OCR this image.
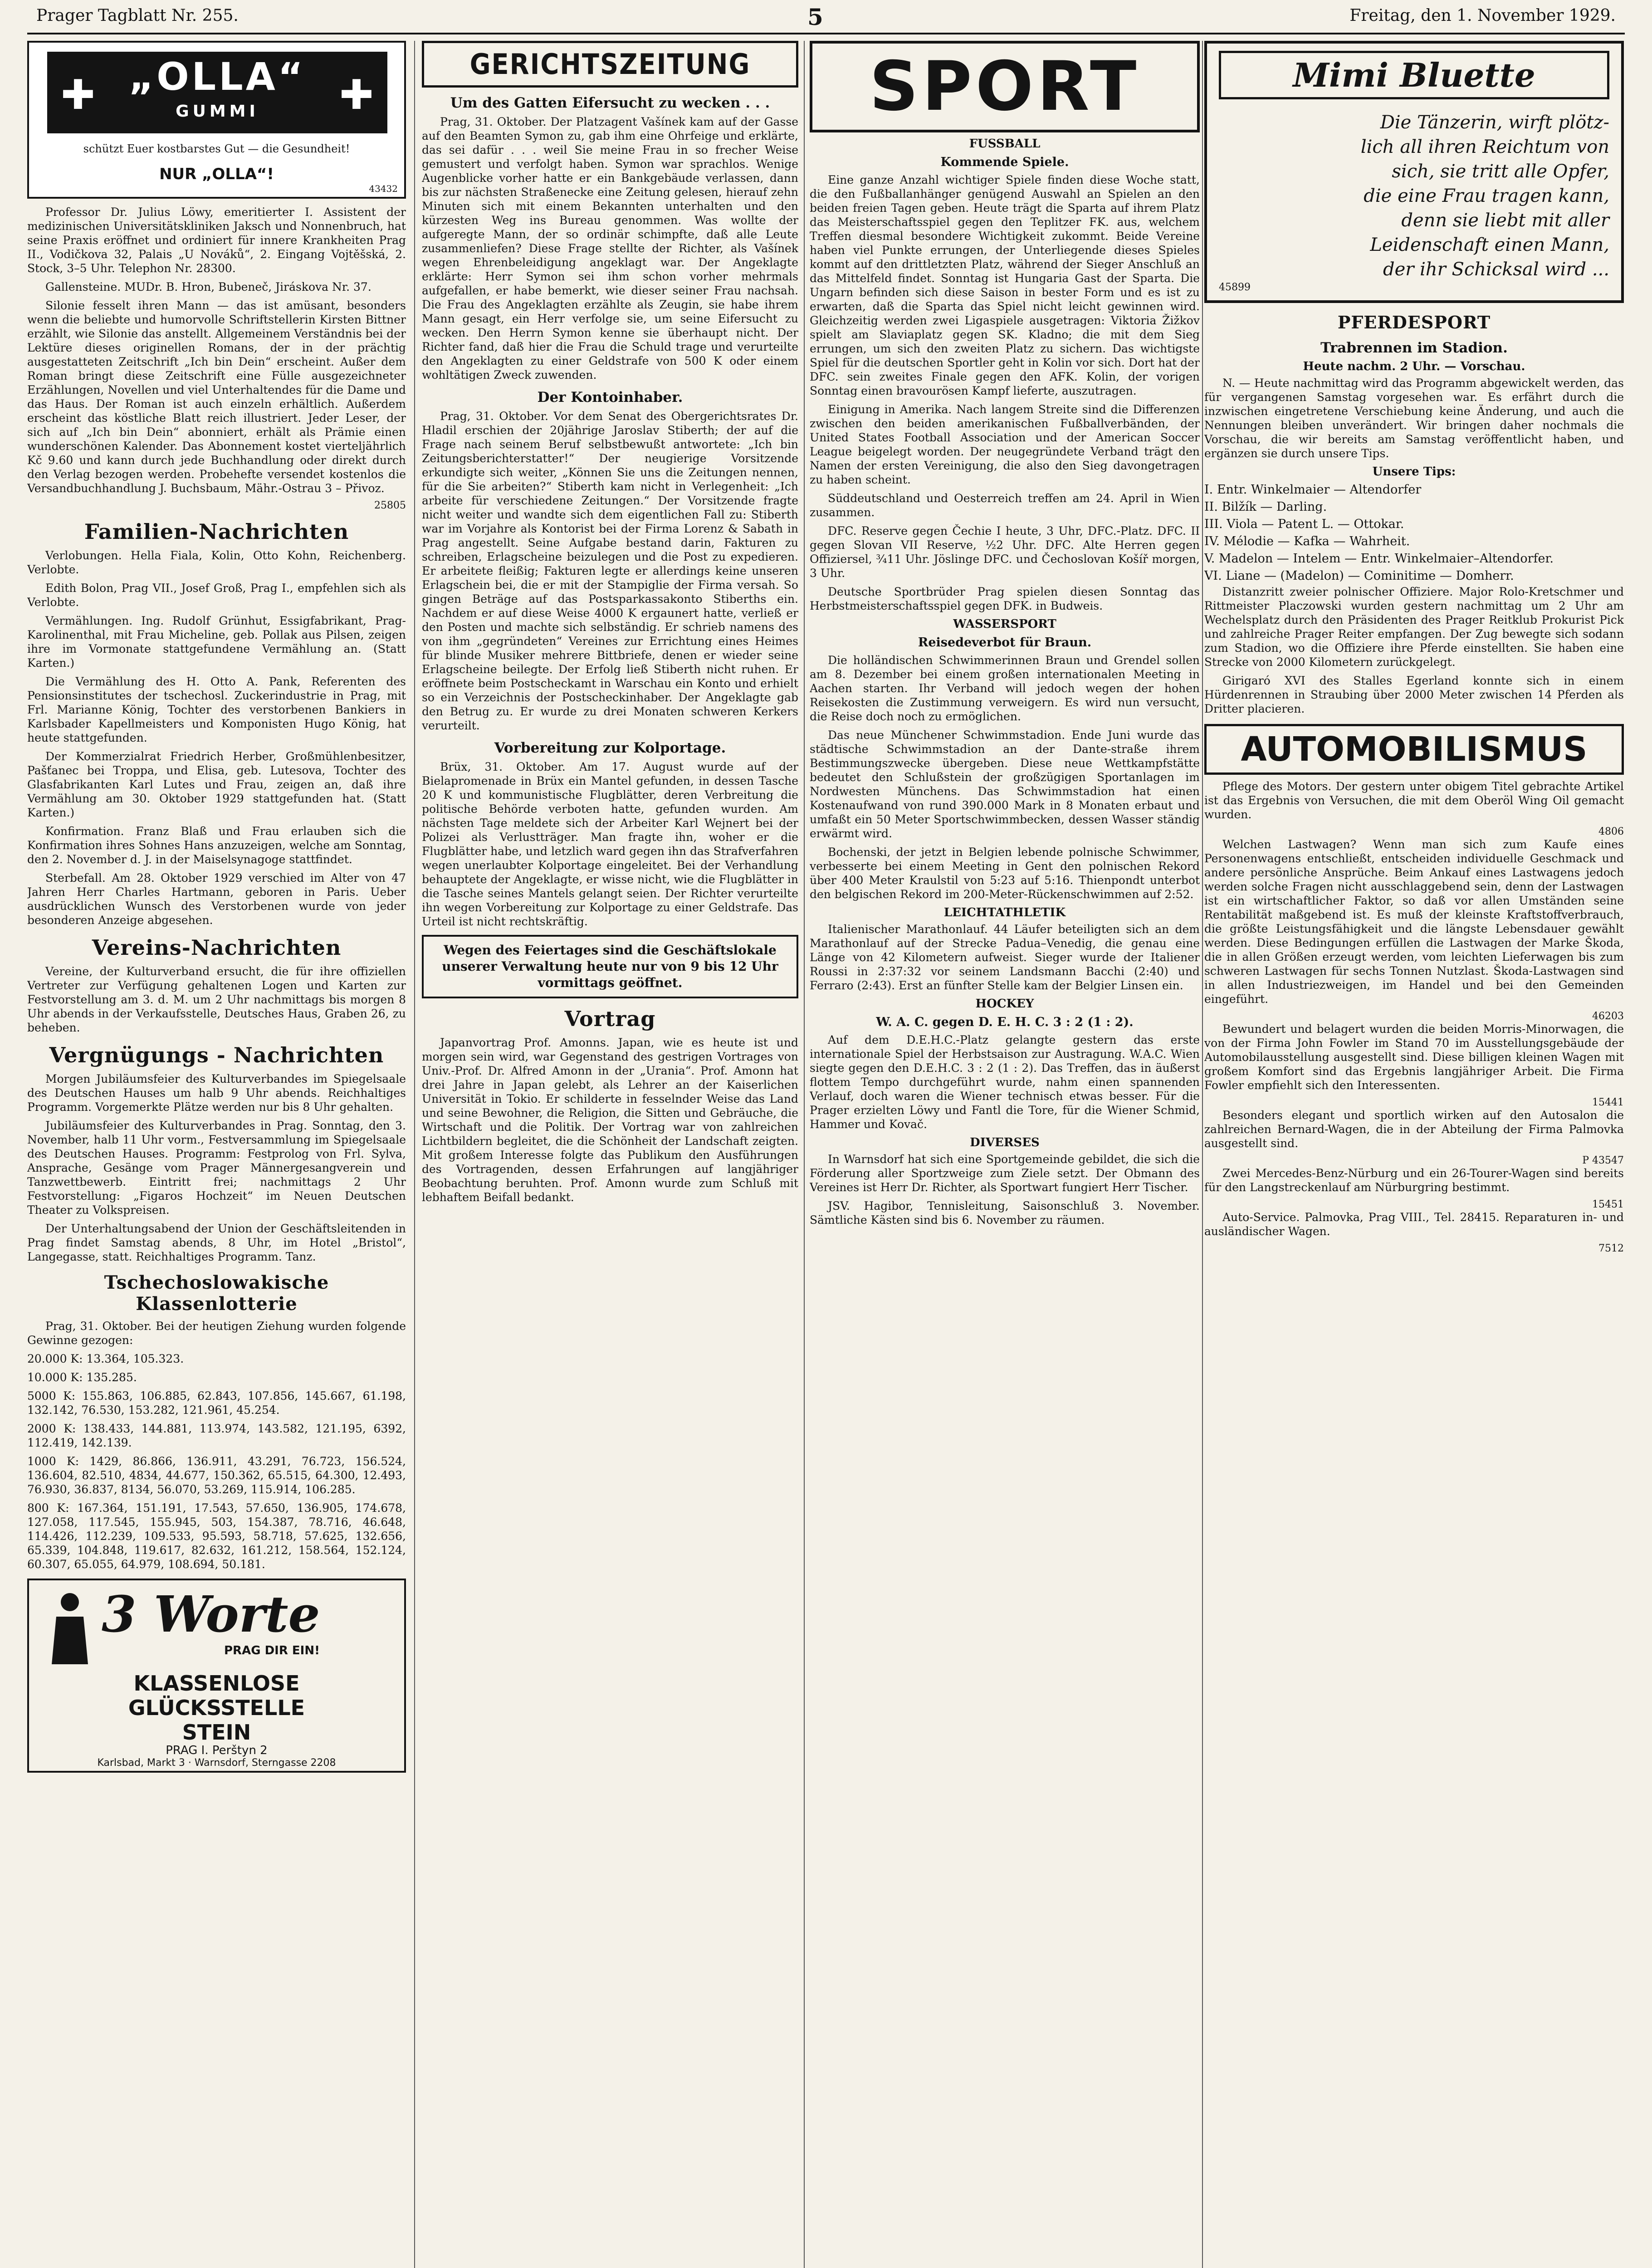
Prager Tagblatt Nr. 255.	5	Freitag, den 1. November 1929.
✚	✚
„OLLA“
GUMMI
schützt Euer kostbarstes Gut — die Gesundheit!
NUR „OLLA“!
43432

Professor Dr. Julius Löwy, emeritierter I. Assistent der medizinischen Universitätskliniken Jaksch und Nonnenbruch, hat seine Praxis eröffnet und ordiniert für innere Krankheiten Prag II., Vodičkova 32, Palais „U Nováků“, 2. Eingang Vojtěšská, 2. Stock, 3–5 Uhr. Telephon Nr. 28300.

Gallensteine. MUDr. B. Hron, Bubeneč, Jiráskova Nr. 37.

Silonie fesselt ihren Mann — das ist amüsant, besonders wenn die beliebte und humorvolle Schriftstellerin Kirsten Bittner erzählt, wie Silonie das anstellt. Allgemeinem Verständnis bei der Lektüre dieses originellen Romans, der in der prächtig ausgestatteten Zeitschrift „Ich bin Dein“ erscheint. Außer dem Roman bringt diese Zeitschrift eine Fülle ausgezeichneter Erzählungen, Novellen und viel Unterhaltendes für die Dame und das Haus. Der Roman ist auch einzeln erhältlich. Außerdem erscheint das köstliche Blatt reich illustriert. Jeder Leser, der sich auf „Ich bin Dein“ abonniert, erhält als Prämie einen wunderschönen Kalender. Das Abonnement kostet vierteljährlich Kč 9.60 und kann durch jede Buchhandlung oder direkt durch den Verlag bezogen werden. Probehefte versendet kostenlos die Versandbuchhandlung J. Buchsbaum, Mähr.-Ostrau 3 – Přivoz.

25805
Familien-Nachrichten

Verlobungen. Hella Fiala, Kolin, Otto Kohn, Reichenberg. Verlobte.

Edith Bolon, Prag VII., Josef Groß, Prag I., empfehlen sich als Verlobte.

Vermählungen. Ing. Rudolf Grünhut, Essigfabrikant, Prag-Karolinenthal, mit Frau Micheline, geb. Pollak aus Pilsen, zeigen ihre im Vormonate stattgefundene Vermählung an. (Statt Karten.)

Die Vermählung des H. Otto A. Pank, Referenten des Pensionsinstitutes der tschechosl. Zuckerindustrie in Prag, mit Frl. Marianne König, Tochter des verstorbenen Bankiers in Karlsbader Kapellmeisters und Komponisten Hugo König, hat heute stattgefunden.

Der Kommerzialrat Friedrich Herber, Großmühlenbesitzer, Pašťanec bei Troppa, und Elisa, geb. Lutesova, Tochter des Glasfabrikanten Karl Lutes und Frau, zeigen an, daß ihre Vermählung am 30. Oktober 1929 stattgefunden hat. (Statt Karten.)

Konfirmation. Franz Blaß und Frau erlauben sich die Konfirmation ihres Sohnes Hans anzuzeigen, welche am Sonntag, den 2. November d. J. in der Maiselsynagoge stattfindet.

Sterbefall. Am 28. Oktober 1929 verschied im Alter von 47 Jahren Herr Charles Hartmann, geboren in Paris. Ueber ausdrücklichen Wunsch des Verstorbenen wurde von jeder besonderen Anzeige abgesehen.

Vereins-Nachrichten

Vereine, der Kulturverband ersucht, die für ihre offiziellen Vertreter zur Verfügung gehaltenen Logen und Karten zur Festvorstellung am 3. d. M. um 2 Uhr nachmittags bis morgen 8 Uhr abends in der Verkaufsstelle, Deutsches Haus, Graben 26, zu beheben.

Vergnügungs - Nachrichten

Morgen Jubiläumsfeier des Kulturverbandes im Spiegelsaale des Deutschen Hauses um halb 9 Uhr abends. Reichhaltiges Programm. Vorgemerkte Plätze werden nur bis 8 Uhr gehalten.

Jubiläumsfeier des Kulturverbandes in Prag. Sonntag, den 3. November, halb 11 Uhr vorm., Festversammlung im Spiegelsaale des Deutschen Hauses. Programm: Festprolog von Frl. Sylva, Ansprache, Gesänge vom Prager Männergesangverein und Tanzwettbewerb. Eintritt frei; nachmittags 2 Uhr Festvorstellung: „Figaros Hochzeit“ im Neuen Deutschen Theater zu Volkspreisen.

Der Unterhaltungsabend der Union der Geschäftsleitenden in Prag findet Samstag abends, 8 Uhr, im Hotel „Bristol“, Langegasse, statt. Reichhaltiges Programm. Tanz.

Tschechoslowakische Klassenlotterie

Prag, 31. Oktober. Bei der heutigen Ziehung wurden folgende Gewinne gezogen:

20.000 K: 13.364, 105.323.

10.000 K: 135.285.

5000 K: 155.863, 106.885, 62.843, 107.856, 145.667, 61.198, 132.142, 76.530, 153.282, 121.961, 45.254.

2000 K: 138.433, 144.881, 113.974, 143.582, 121.195, 6392, 112.419, 142.139.

1000 K: 1429, 86.866, 136.911, 43.291, 76.723, 156.524, 136.604, 82.510, 4834, 44.677, 150.362, 65.515, 64.300, 12.493, 76.930, 36.837, 8134, 56.070, 53.269, 115.914, 106.285.

800 K: 167.364, 151.191, 17.543, 57.650, 136.905, 174.678, 127.058, 117.545, 155.945, 503, 154.387, 78.716, 46.648, 114.426, 112.239, 109.533, 95.593, 58.718, 57.625, 132.656, 65.339, 104.848, 119.617, 82.632, 161.212, 158.564, 152.124, 60.307, 65.055, 64.979, 108.694, 50.181.

3 Worte
PRAG DIR EIN!
KLASSENLOSE
GLÜCKSSTELLE
STEIN
PRAG I. Perštyn 2
Karlsbad, Markt 3 · Warnsdorf, Sterngasse 2208
GERICHTSZEITUNG
Um des Gatten Eifersucht zu wecken . . .

Prag, 31. Oktober. Der Platzagent Vašínek kam auf der Gasse auf den Beamten Symon zu, gab ihm eine Ohrfeige und erklärte, das sei dafür . . . weil Sie meine Frau in so frecher Weise gemustert und verfolgt haben. Symon war sprachlos. Wenige Augenblicke vorher hatte er ein Bankgebäude verlassen, dann bis zur nächsten Straßenecke eine Zeitung gelesen, hierauf zehn Minuten sich mit einem Bekannten unterhalten und den kürzesten Weg ins Bureau genommen. Was wollte der aufgeregte Mann, der so ordinär schimpfte, daß alle Leute zusammenliefen? Diese Frage stellte der Richter, als Vašínek wegen Ehrenbeleidigung angeklagt war. Der Angeklagte erklärte: Herr Symon sei ihm schon vorher mehrmals aufgefallen, er habe bemerkt, wie dieser seiner Frau nachsah. Die Frau des Angeklagten erzählte als Zeugin, sie habe ihrem Mann gesagt, ein Herr verfolge sie, um seine Eifersucht zu wecken. Den Herrn Symon kenne sie überhaupt nicht. Der Richter fand, daß hier die Frau die Schuld trage und verurteilte den Angeklagten zu einer Geldstrafe von 500 K oder einem wohltätigen Zweck zuwenden.

Der Kontoinhaber.

Prag, 31. Oktober. Vor dem Senat des Obergerichtsrates Dr. Hladil erschien der 20jährige Jaroslav Stiberth; der auf die Frage nach seinem Beruf selbstbewußt antwortete: „Ich bin Zeitungsberichterstatter!“ Der neugierige Vorsitzende erkundigte sich weiter, „Können Sie uns die Zeitungen nennen, für die Sie arbeiten?“ Stiberth kam nicht in Verlegenheit: „Ich arbeite für verschiedene Zeitungen.“ Der Vorsitzende fragte nicht weiter und wandte sich dem eigentlichen Fall zu: Stiberth war im Vorjahre als Kontorist bei der Firma Lorenz & Sabath in Prag angestellt. Seine Aufgabe bestand darin, Fakturen zu schreiben, Erlagscheine beizulegen und die Post zu expedieren. Er arbeitete fleißig; Fakturen legte er allerdings keine unseren Erlagschein bei, die er mit der Stampiglie der Firma versah. So gingen Beträge auf das Postsparkassakonto Stiberths ein. Nachdem er auf diese Weise 4000 K ergaunert hatte, verließ er den Posten und machte sich selbständig. Er schrieb namens des von ihm „gegründeten“ Vereines zur Errichtung eines Heimes für blinde Musiker mehrere Bittbriefe, denen er wieder seine Erlagscheine beilegte. Der Erfolg ließ Stiberth nicht ruhen. Er eröffnete beim Postscheckamt in Warschau ein Konto und erhielt so ein Verzeichnis der Postscheckinhaber. Der Angeklagte gab den Betrug zu. Er wurde zu drei Monaten schweren Kerkers verurteilt.

Vorbereitung zur Kolportage.

Brüx, 31. Oktober. Am 17. August wurde auf der Bielapromenade in Brüx ein Mantel gefunden, in dessen Tasche 20 K und kommunistische Flugblätter, deren Verbreitung die politische Behörde verboten hatte, gefunden wurden. Am nächsten Tage meldete sich der Arbeiter Karl Wejnert bei der Polizei als Verlustträger. Man fragte ihn, woher er die Flugblätter habe, und letzlich ward gegen ihn das Strafverfahren wegen unerlaubter Kolportage eingeleitet. Bei der Verhandlung behauptete der Angeklagte, er wisse nicht, wie die Flugblätter in die Tasche seines Mantels gelangt seien. Der Richter verurteilte ihn wegen Vorbereitung zur Kolportage zu einer Geldstrafe. Das Urteil ist nicht rechtskräftig.

Wegen des Feiertages sind die Geschäftslokale unserer Verwaltung heute nur von 9 bis 12 Uhr vormittags geöffnet.
Vortrag

Japanvortrag Prof. Amonns. Japan, wie es heute ist und morgen sein wird, war Gegenstand des gestrigen Vortrages von Univ.-Prof. Dr. Alfred Amonn in der „Urania“. Prof. Amonn hat drei Jahre in Japan gelebt, als Lehrer an der Kaiserlichen Universität in Tokio. Er schilderte in fesselnder Weise das Land und seine Bewohner, die Religion, die Sitten und Gebräuche, die Wirtschaft und die Politik. Der Vortrag war von zahlreichen Lichtbildern begleitet, die die Schönheit der Landschaft zeigten. Mit großem Interesse folgte das Publikum den Ausführungen des Vortragenden, dessen Erfahrungen auf langjähriger Beobachtung beruhten. Prof. Amonn wurde zum Schluß mit lebhaftem Beifall bedankt.

SPORT
FUSSBALL
Kommende Spiele.

Eine ganze Anzahl wichtiger Spiele finden diese Woche statt, die den Fußballanhänger genügend Auswahl an Spielen an den beiden freien Tagen geben. Heute trägt die Sparta auf ihrem Platz das Meisterschaftsspiel gegen den Teplitzer FK. aus, welchem Treffen diesmal besondere Wichtigkeit zukommt. Beide Vereine haben viel Punkte errungen, der Unterliegende dieses Spieles kommt auf den drittletzten Platz, während der Sieger Anschluß an das Mittelfeld findet. Sonntag ist Hungaria Gast der Sparta. Die Ungarn befinden sich diese Saison in bester Form und es ist zu erwarten, daß die Sparta das Spiel nicht leicht gewinnen wird. Gleichzeitig werden zwei Ligaspiele ausgetragen: Viktoria Žižkov spielt am Slaviaplatz gegen SK. Kladno; die mit dem Sieg errungen, um sich den zweiten Platz zu sichern. Das wichtigste Spiel für die deutschen Sportler geht in Kolin vor sich. Dort hat der DFC. sein zweites Finale gegen den AFK. Kolin, der vorigen Sonntag einen bravourösen Kampf lieferte, auszutragen.

Einigung in Amerika. Nach langem Streite sind die Differenzen zwischen den beiden amerikanischen Fußballverbänden, der United States Football Association und der American Soccer League beigelegt worden. Der neugegründete Verband trägt den Namen der ersten Vereinigung, die also den Sieg davongetragen zu haben scheint.

Süddeutschland und Oesterreich treffen am 24. April in Wien zusammen.

DFC. Reserve gegen Čechie I heute, 3 Uhr, DFC.-Platz. DFC. II gegen Slovan VII Reserve, ½2 Uhr. DFC. Alte Herren gegen Offiziersel, ¾11 Uhr. Jöslinge DFC. und Čechoslovan Košíř morgen, 3 Uhr.

Deutsche Sportbrüder Prag spielen diesen Sonntag das Herbstmeisterschaftsspiel gegen DFK. in Budweis.

WASSERSPORT
Reisedeverbot für Braun.

Die holländischen Schwimmerinnen Braun und Grendel sollen am 8. Dezember bei einem großen internationalen Meeting in Aachen starten. Ihr Verband will jedoch wegen der hohen Reisekosten die Zustimmung verweigern. Es wird nun versucht, die Reise doch noch zu ermöglichen.

Das neue Münchener Schwimmstadion. Ende Juni wurde das städtische Schwimmstadion an der Dante-straße ihrem Bestimmungszwecke übergeben. Diese neue Wettkampfstätte bedeutet den Schlußstein der großzügigen Sportanlagen im Nordwesten Münchens. Das Schwimmstadion hat einen Kostenaufwand von rund 390.000 Mark in 8 Monaten erbaut und umfaßt ein 50 Meter Sportschwimmbecken, dessen Wasser ständig erwärmt wird.

Bochenski, der jetzt in Belgien lebende polnische Schwimmer, verbesserte bei einem Meeting in Gent den polnischen Rekord über 400 Meter Kraulstil von 5:23 auf 5:16. Thienpondt unterbot den belgischen Rekord im 200-Meter-Rückenschwimmen auf 2:52.

LEICHTATHLETIK

Italienischer Marathonlauf. 44 Läufer beteiligten sich an dem Marathonlauf auf der Strecke Padua–Venedig, die genau eine Länge von 42 Kilometern aufweist. Sieger wurde der Italiener Roussi in 2:37:32 vor seinem Landsmann Bacchi (2:40) und Ferraro (2:43). Erst an fünfter Stelle kam der Belgier Linsen ein.

HOCKEY
W. A. C. gegen D. E. H. C. 3 : 2 (1 : 2).

Auf dem D.E.H.C.-Platz gelangte gestern das erste internationale Spiel der Herbstsaison zur Austragung. W.A.C. Wien siegte gegen den D.E.H.C. 3 : 2 (1 : 2). Das Treffen, das in äußerst flottem Tempo durchgeführt wurde, nahm einen spannenden Verlauf, doch waren die Wiener technisch etwas besser. Für die Prager erzielten Löwy und Fantl die Tore, für die Wiener Schmid, Hammer und Kovač.

DIVERSES

In Warnsdorf hat sich eine Sportgemeinde gebildet, die sich die Förderung aller Sportzweige zum Ziele setzt. Der Obmann des Vereines ist Herr Dr. Richter, als Sportwart fungiert Herr Tischer.

JSV. Hagibor, Tennisleitung, Saisonschluß 3. November. Sämtliche Kästen sind bis 6. November zu räumen.

Mimi Bluette
Die Tänzerin, wirft plötz-
lich all ihren Reichtum von
sich, sie tritt alle Opfer,
die eine Frau tragen kann,
denn sie liebt mit aller
Leidenschaft einen Mann,
der ihr Schicksal wird ...
45899
PFERDESPORT
Trabrennen im Stadion.
Heute nachm. 2 Uhr. — Vorschau.

N. — Heute nachmittag wird das Programm abgewickelt werden, das für vergangenen Samstag vorgesehen war. Es erfährt durch die inzwischen eingetretene Verschiebung keine Änderung, und auch die Nennungen bleiben unverändert. Wir bringen daher nochmals die Vorschau, die wir bereits am Samstag veröffentlicht haben, und ergänzen sie durch unsere Tips.

Unsere Tips:
I. Entr. Winkelmaier — Altendorfer
II. Bilžík — Darling.
III. Viola — Patent L. — Ottokar.
IV. Mélodie — Kafka — Wahrheit.
V. Madelon — Intelem — Entr. Winkelmaier–Altendorfer.
VI. Liane — (Madelon) — Cominitime — Domherr.

Distanzritt zweier polnischer Offiziere. Major Rolo-Kretschmer und Rittmeister Placzowski wurden gestern nachmittag um 2 Uhr am Wechelsplatz durch den Präsidenten des Prager Reitklub Prokurist Pick und zahlreiche Prager Reiter empfangen. Der Zug bewegte sich sodann zum Stadion, wo die Offiziere ihre Pferde einstellten. Sie haben eine Strecke von 2000 Kilometern zurückgelegt.

Girigaró XVI des Stalles Egerland konnte sich in einem Hürdenrennen in Straubing über 2000 Meter zwischen 14 Pferden als Dritter placieren.

AUTOMOBILISMUS

Pflege des Motors. Der gestern unter obigem Titel gebrachte Artikel ist das Ergebnis von Versuchen, die mit dem Oberöl Wing Oil gemacht wurden.

4806

Welchen Lastwagen? Wenn man sich zum Kaufe eines Personenwagens entschließt, entscheiden individuelle Geschmack und andere persönliche Ansprüche. Beim Ankauf eines Lastwagens jedoch werden solche Fragen nicht ausschlaggebend sein, denn der Lastwagen ist ein wirtschaftlicher Faktor, so daß vor allen Umständen seine Rentabilität maßgebend ist. Es muß der kleinste Kraftstoffverbrauch, die größte Leistungsfähigkeit und die längste Lebensdauer gewählt werden. Diese Bedingungen erfüllen die Lastwagen der Marke Škoda, die in allen Größen erzeugt werden, vom leichten Lieferwagen bis zum schweren Lastwagen für sechs Tonnen Nutzlast. Škoda-Lastwagen sind in allen Industriezweigen, im Handel und bei den Gemeinden eingeführt.

46203

Bewundert und belagert wurden die beiden Morris-Minorwagen, die von der Firma John Fowler im Stand 70 im Ausstellungsgebäude der Automobilausstellung ausgestellt sind. Diese billigen kleinen Wagen mit großem Komfort sind das Ergebnis langjähriger Arbeit. Die Firma Fowler empfiehlt sich den Interessenten.

15441

Besonders elegant und sportlich wirken auf den Autosalon die zahlreichen Bernard-Wagen, die in der Abteilung der Firma Palmovka ausgestellt sind.

P 43547

Zwei Mercedes-Benz-Nürburg und ein 26-Tourer-Wagen sind bereits für den Langstreckenlauf am Nürburgring bestimmt.

15451

Auto-Service. Palmovka, Prag VIII., Tel. 28415. Reparaturen in- und ausländischer Wagen.

7512
